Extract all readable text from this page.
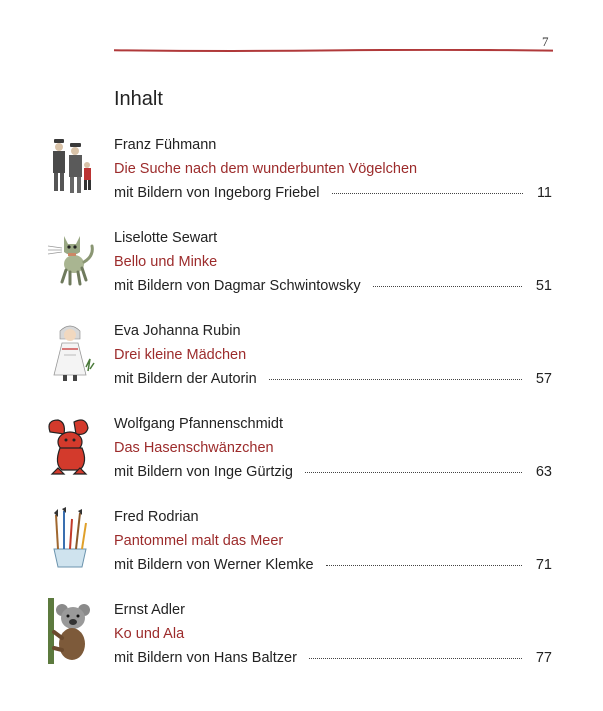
7
Inhalt
Franz Fühmann
Die Suche nach dem wunderbunten Vögelchen
mit Bildern von Ingeborg Friebel	11
Liselotte Sewart
Bello und Minke
mit Bildern von Dagmar Schwintowsky	51
Eva Johanna Rubin
Drei kleine Mädchen
mit Bildern der Autorin	57
Wolfgang Pfannenschmidt
Das Hasenschwänzchen
mit Bildern von Inge Gürtzig	63
Fred Rodrian
Pantommel malt das Meer
mit Bildern von Werner Klemke	71
Ernst Adler
Ko und Ala
mit Bildern von Hans Baltzer	77
